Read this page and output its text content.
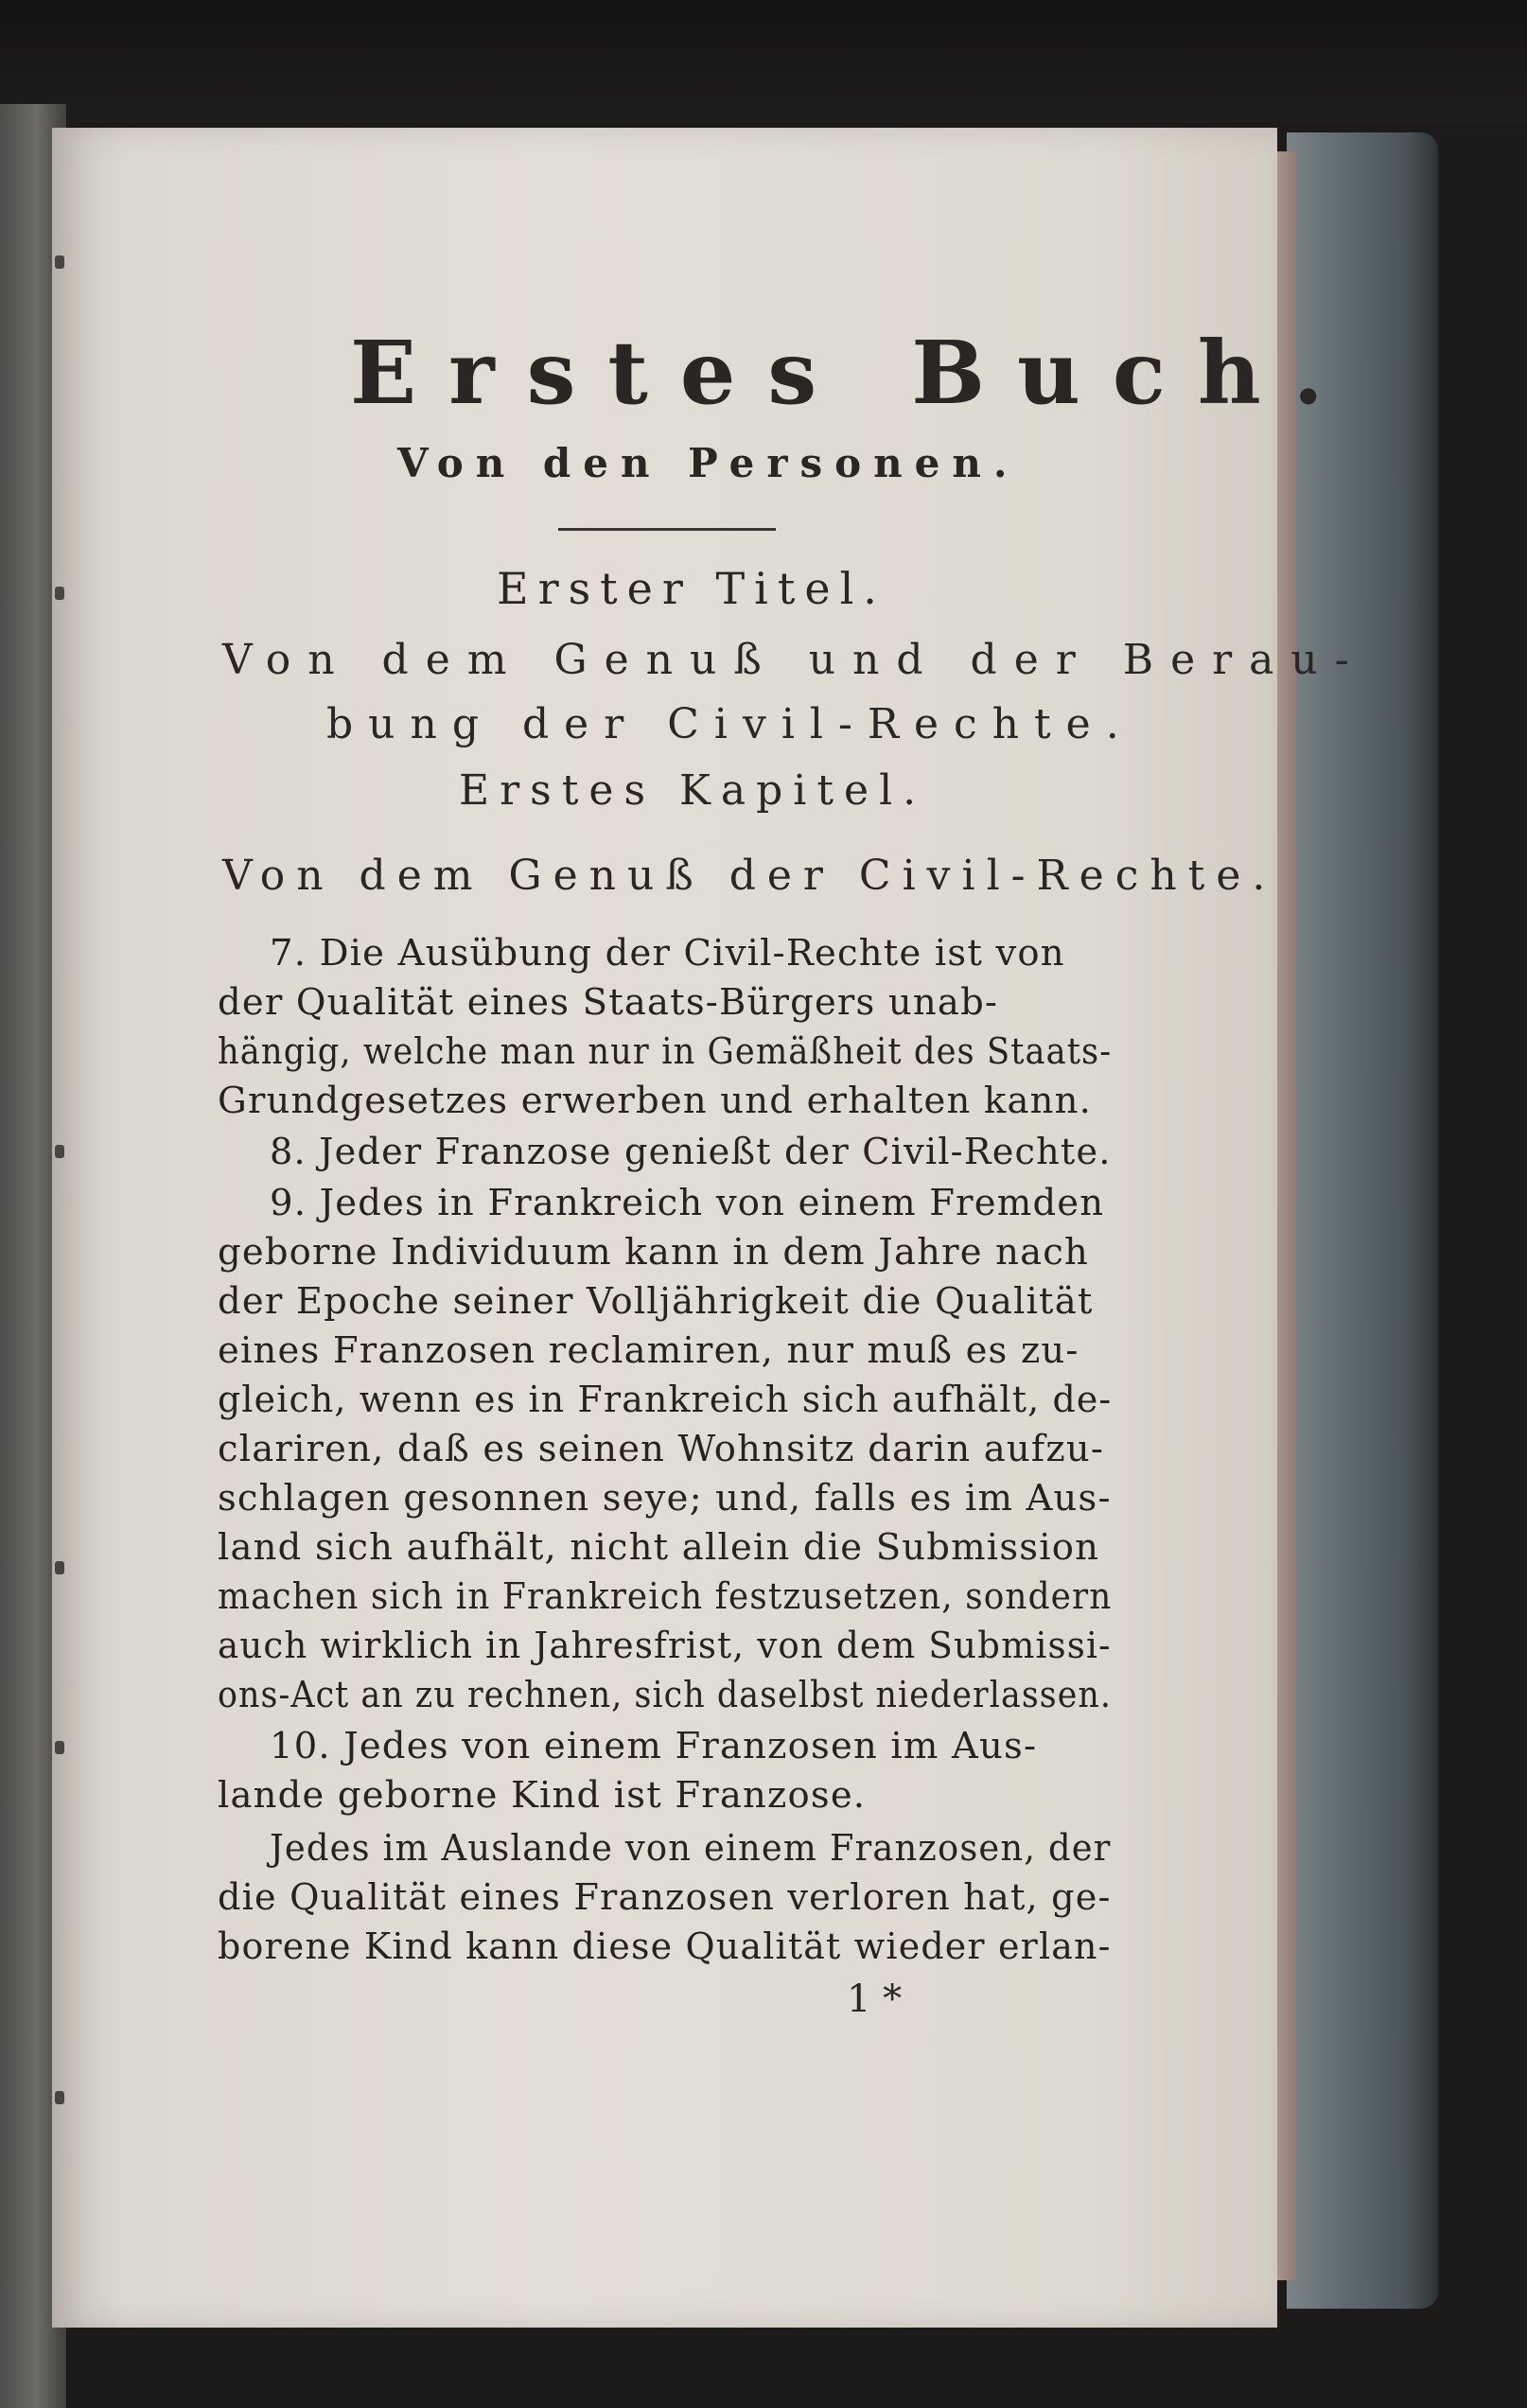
Erstes Buch.
Von den Personen.

Erster Titel.

Von dem Genuß und der Berau-

bung der Civil-Rechte.

Erstes Kapitel.

Von dem Genuß der Civil-Rechte.

7. Die Ausübung der Civil-Rechte ist von

der Qualität eines Staats-Bürgers unab-

hängig, welche man nur in Gemäßheit des Staats-

Grundgesetzes erwerben und erhalten kann.

8. Jeder Franzose genießt der Civil-Rechte.

9. Jedes in Frankreich von einem Fremden

geborne Individuum kann in dem Jahre nach

der Epoche seiner Volljährigkeit die Qualität

eines Franzosen reclamiren, nur muß es zu-

gleich, wenn es in Frankreich sich aufhält, de-

clariren, daß es seinen Wohnsitz darin aufzu-

schlagen gesonnen seye; und, falls es im Aus-

land sich aufhält, nicht allein die Submission

machen sich in Frankreich festzusetzen, sondern

auch wirklich in Jahresfrist, von dem Submissi-

ons-Act an zu rechnen, sich daselbst niederlassen.

10. Jedes von einem Franzosen im Aus-

lande geborne Kind ist Franzose.

Jedes im Auslande von einem Franzosen, der

die Qualität eines Franzosen verloren hat, ge-

borene Kind kann diese Qualität wieder erlan-

1 *
